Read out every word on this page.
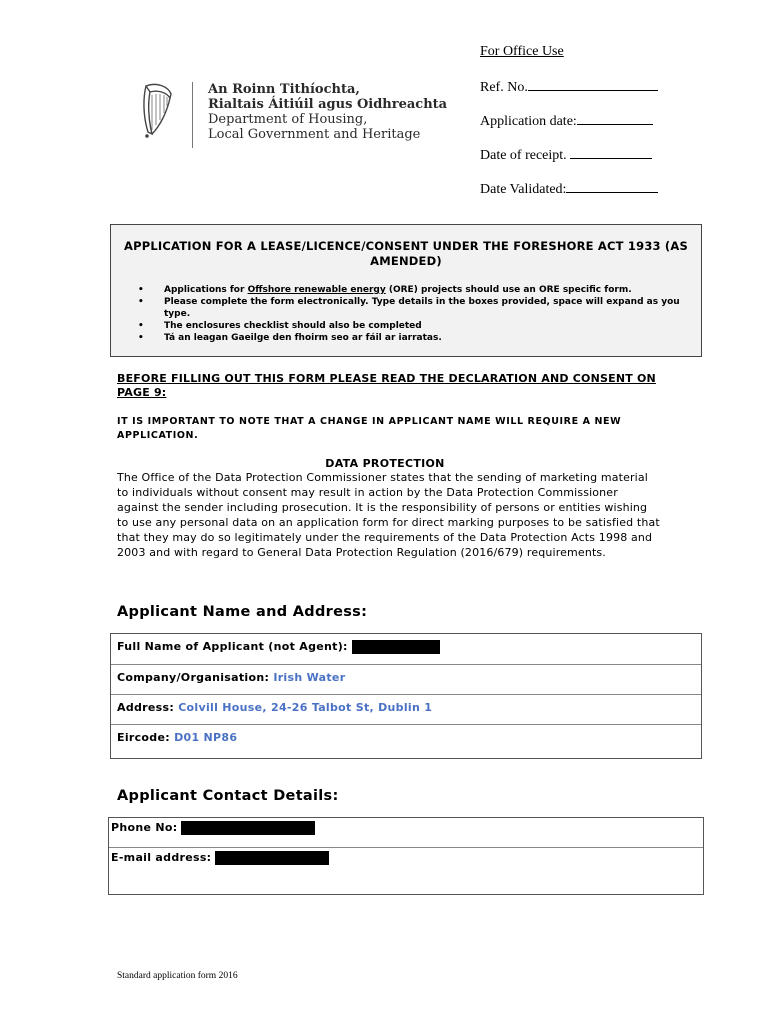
An Roinn Tithíochta,
Rialtais Áitiúil agus Oidhreachta
Department of Housing,
Local Government and Heritage
For Office Use
Ref. No.
Application date:
Date of receipt.
Date Validated:
APPLICATION FOR A LEASE/LICENCE/CONSENT UNDER THE FORESHORE ACT 1933 (AS AMENDED)
• Applications for Offshore renewable energy (ORE) projects should use an ORE specific form.
• Please complete the form electronically. Type details in the boxes provided, space will expand as you type.
• The enclosures checklist should also be completed
• Tá an leagan Gaeilge den fhoirm seo ar fáil ar iarratas.
BEFORE FILLING OUT THIS FORM PLEASE READ THE DECLARATION AND CONSENT ON PAGE 9:
IT IS IMPORTANT TO NOTE THAT A CHANGE IN APPLICANT NAME WILL REQUIRE A NEW APPLICATION.
DATA PROTECTION
The Office of the Data Protection Commissioner states that the sending of marketing material to individuals without consent may result in action by the Data Protection Commissioner against the sender including prosecution. It is the responsibility of persons or entities wishing to use any personal data on an application form for direct marking purposes to be satisfied that that they may do so legitimately under the requirements of the Data Protection Acts 1998 and 2003 and with regard to General Data Protection Regulation (2016/679) requirements.
Applicant Name and Address:
Full Name of Applicant (not Agent):
Company/Organisation: Irish Water
Address: Colvill House, 24-26 Talbot St, Dublin 1
Eircode: D01 NP86
Applicant Contact Details:
Phone No:
E-mail address:
Standard application form 2016
